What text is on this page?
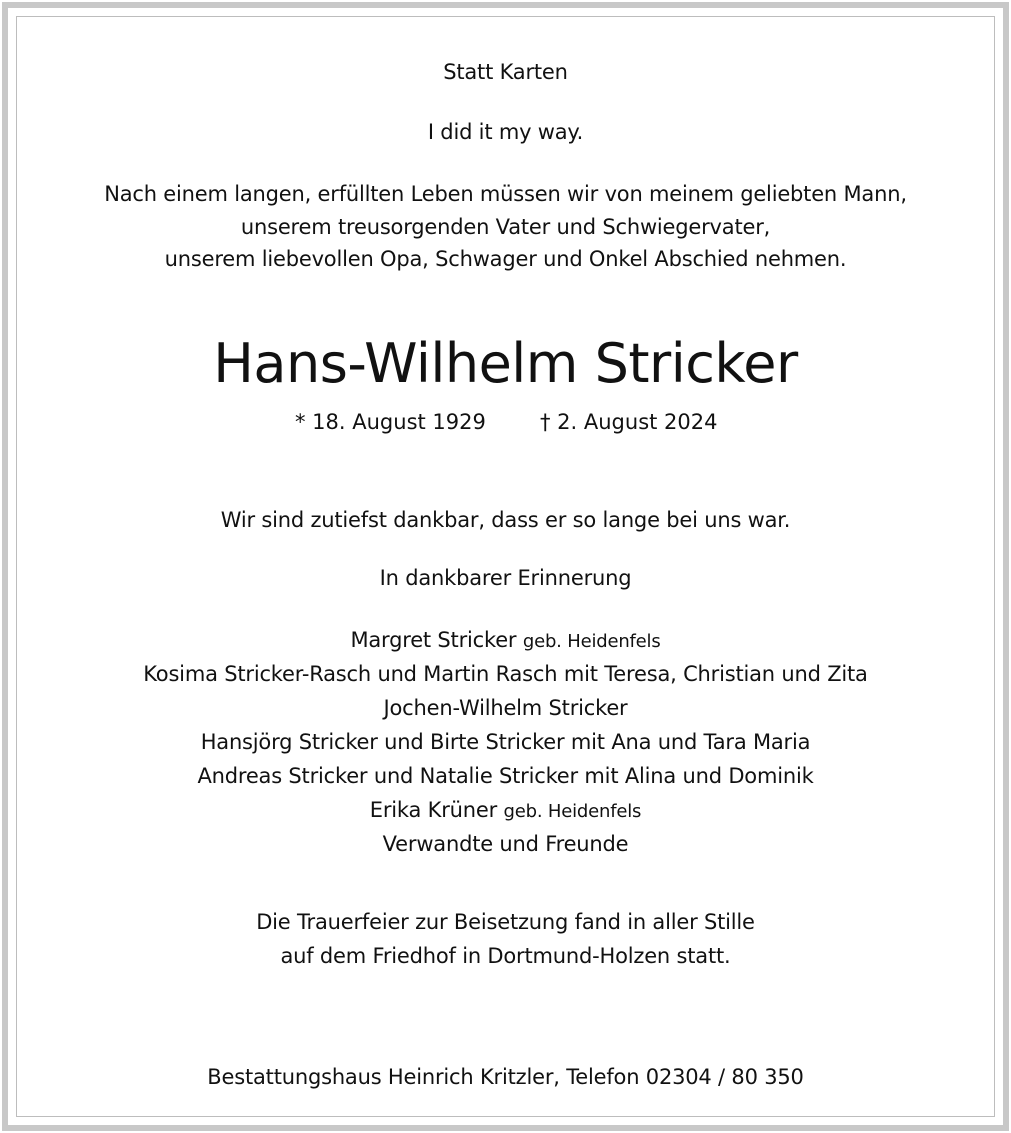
Statt Karten
I did it my way.
Nach einem langen, erfüllten Leben müssen wir von meinem geliebten Mann,
unserem treusorgenden Vater und Schwiegervater,
unserem liebevollen Opa, Schwager und Onkel Abschied nehmen.
Hans-Wilhelm Stricker
* 18. August 1929	† 2. August 2024
Wir sind zutiefst dankbar, dass er so lange bei uns war.
In dankbarer Erinnerung
Margret Stricker geb. Heidenfels
Kosima Stricker-Rasch und Martin Rasch mit Teresa, Christian und Zita
Jochen-Wilhelm Stricker
Hansjörg Stricker und Birte Stricker mit Ana und Tara Maria
Andreas Stricker und Natalie Stricker mit Alina und Dominik
Erika Krüner geb. Heidenfels
Verwandte und Freunde
Die Trauerfeier zur Beisetzung fand in aller Stille
auf dem Friedhof in Dortmund-Holzen statt.
Bestattungshaus Heinrich Kritzler, Telefon 02304 / 80 350
